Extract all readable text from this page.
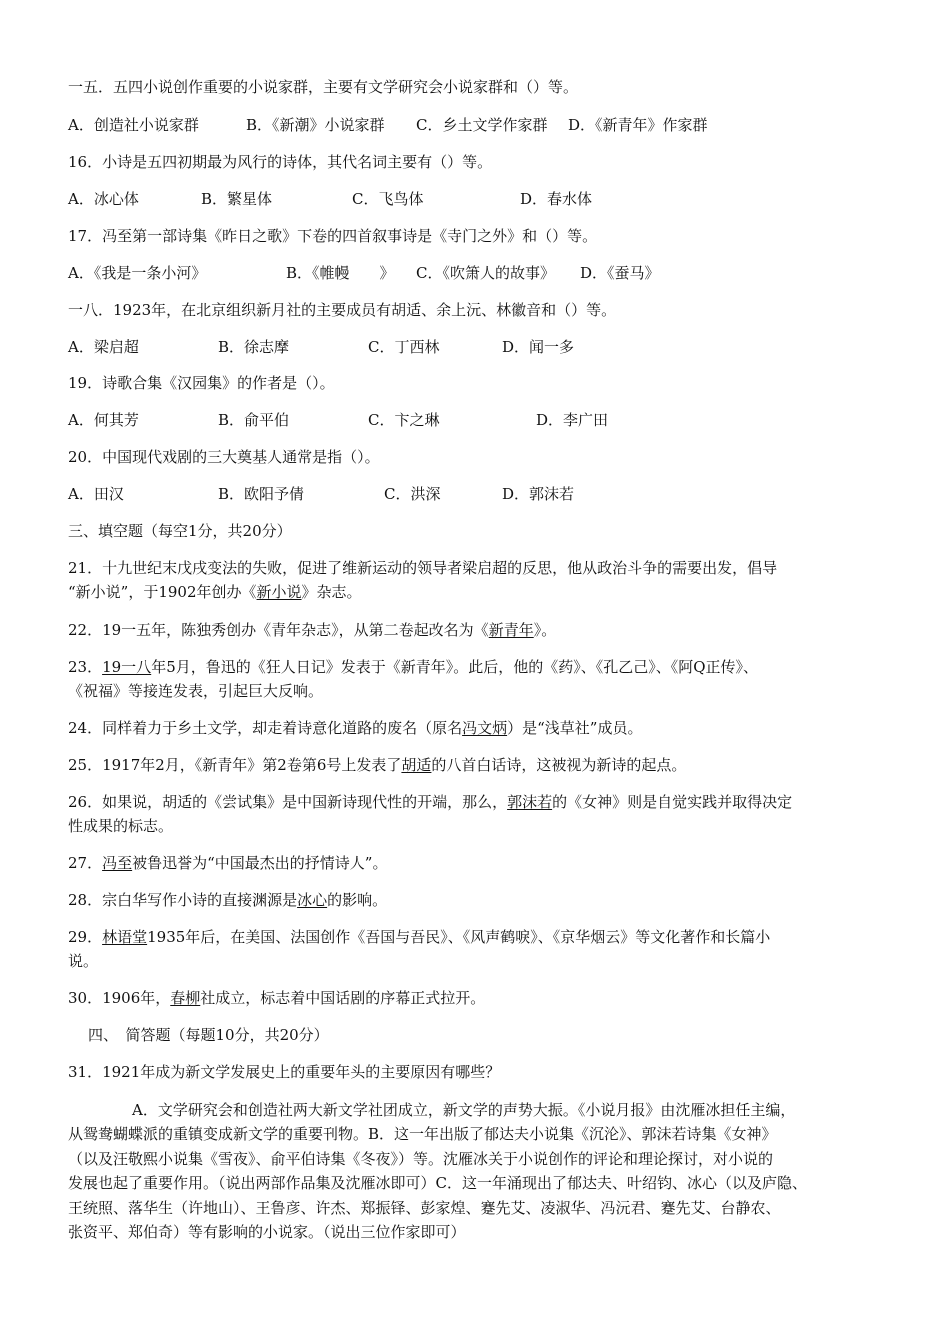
一五．五四小说创作重要的小说家群，主要有文学研究会小说家群和（）等。
A．创造社小说家群	B．《新潮》小说家群 C．乡土文学作家群 D．《新青年》作家群
16．小诗是五四初期最为风行的诗体，其代名词主要有（）等。
A．冰心体	B．繁星体	C．飞鸟体	D．春水体
17．冯至第一部诗集《昨日之歌》下卷的四首叙事诗是《寺门之外》和（）等。
A．《我是一条小河》	B．《帷幔　　》 C．《吹箫人的故事》 D．《蚕马》
一八．1923年，在北京组织新月社的主要成员有胡适、余上沅、林徽音和（）等。
A．梁启超	B．徐志摩	C．丁西林	D．闻一多
19．诗歌合集《汉园集》的作者是（）。
A．何其芳	B．俞平伯	C．卞之琳	D．李广田
20．中国现代戏剧的三大奠基人通常是指（）。
A．田汉	B．欧阳予倩	C．洪深	D．郭沫若
三、填空题（每空1分，共20分）
21．十九世纪末戊戌变法的失败，促进了维新运动的领导者梁启超的反思，他从政治斗争的需要出发，倡导
“新小说”，于1902年创办《新小说》杂志。
22．19一五年，陈独秀创办《青年杂志》，从第二卷起改名为《新青年》。
23．19一八年5月，鲁迅的《狂人日记》发表于《新青年》。此后，他的《药》、《孔乙己》、《阿Q正传》、
《祝福》等接连发表，引起巨大反响。
24．同样着力于乡土文学，却走着诗意化道路的废名（原名冯文炳）是“浅草社”成员。
25．1917年2月，《新青年》第2卷第6号上发表了胡适的八首白话诗，这被视为新诗的起点。
26．如果说，胡适的《尝试集》是中国新诗现代性的开端，那么，郭沫若的《女神》则是自觉实践并取得决定
性成果的标志。
27．冯至被鲁迅誉为“中国最杰出的抒情诗人”。
28．宗白华写作小诗的直接渊源是冰心的影响。
29．林语堂1935年后，在美国、法国创作《吾国与吾民》、《风声鹤唳》、《京华烟云》等文化著作和长篇小
说。
30．1906年，春柳社成立，标志着中国话剧的序幕正式拉开。
四、　简答题（每题10分，共20分）
31．1921年成为新文学发展史上的重要年头的主要原因有哪些？
A．文学研究会和创造社两大新文学社团成立，新文学的声势大振。《小说月报》由沈雁冰担任主编，
从鸳鸯蝴蝶派的重镇变成新文学的重要刊物。B．这一年出版了郁达夫小说集《沉沦》、郭沫若诗集《女神》
（以及汪敬熙小说集《雪夜》、俞平伯诗集《冬夜》）等。沈雁冰关于小说创作的评论和理论探讨，对小说的
发展也起了重要作用。（说出两部作品集及沈雁冰即可）C．这一年涌现出了郁达夫、叶绍钧、冰心（以及庐隐、
王统照、落华生（许地山）、王鲁彦、许杰、郑振铎、彭家煌、蹇先艾、凌淑华、冯沅君、蹇先艾、台静农、
张资平、郑伯奇）等有影响的小说家。（说出三位作家即可）
